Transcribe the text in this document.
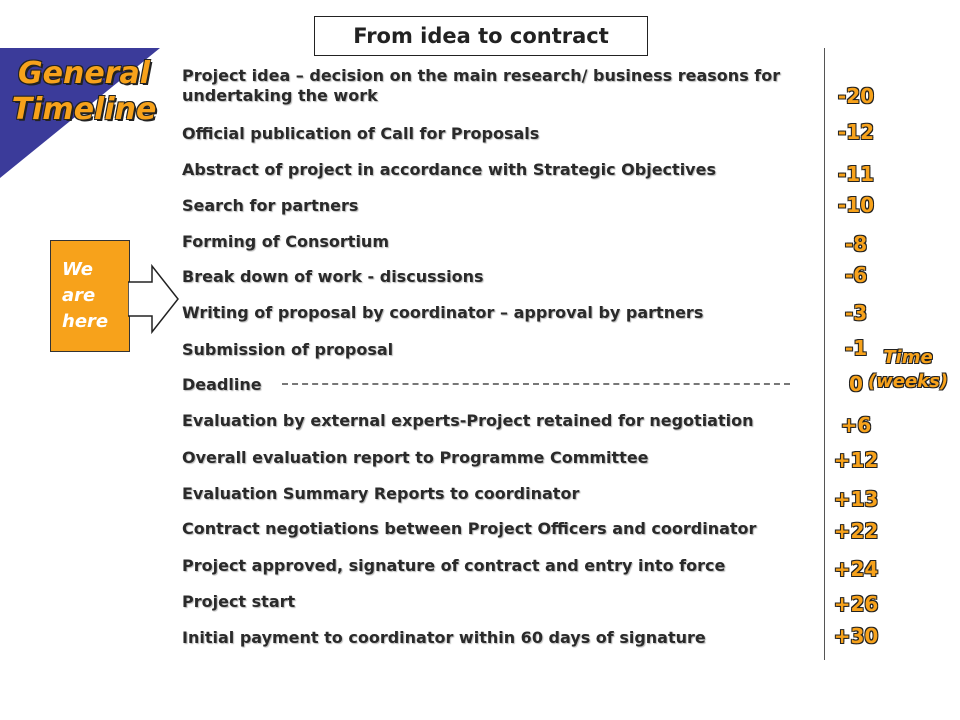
General
Timeline
From idea to contract
We
are
here
Time
(weeks)
Project idea – decision on the main research/ business reasons for undertaking the work	-20
Official publication of Call for Proposals	-12
Abstract of project in accordance with Strategic Objectives	-11
Search for partners	-10
Forming of Consortium	-8
Break down of work - discussions	-6
Writing of proposal by coordinator – approval by partners	-3
Submission of proposal	-1
Deadline	0
Evaluation by external experts-Project retained for negotiation	+6
Overall evaluation report to Programme Committee	+12
Evaluation Summary Reports to coordinator	+13
Contract negotiations between Project Officers and coordinator	+22
Project approved, signature of contract and entry into force	+24
Project start	+26
Initial payment to coordinator within 60 days of signature	+30
